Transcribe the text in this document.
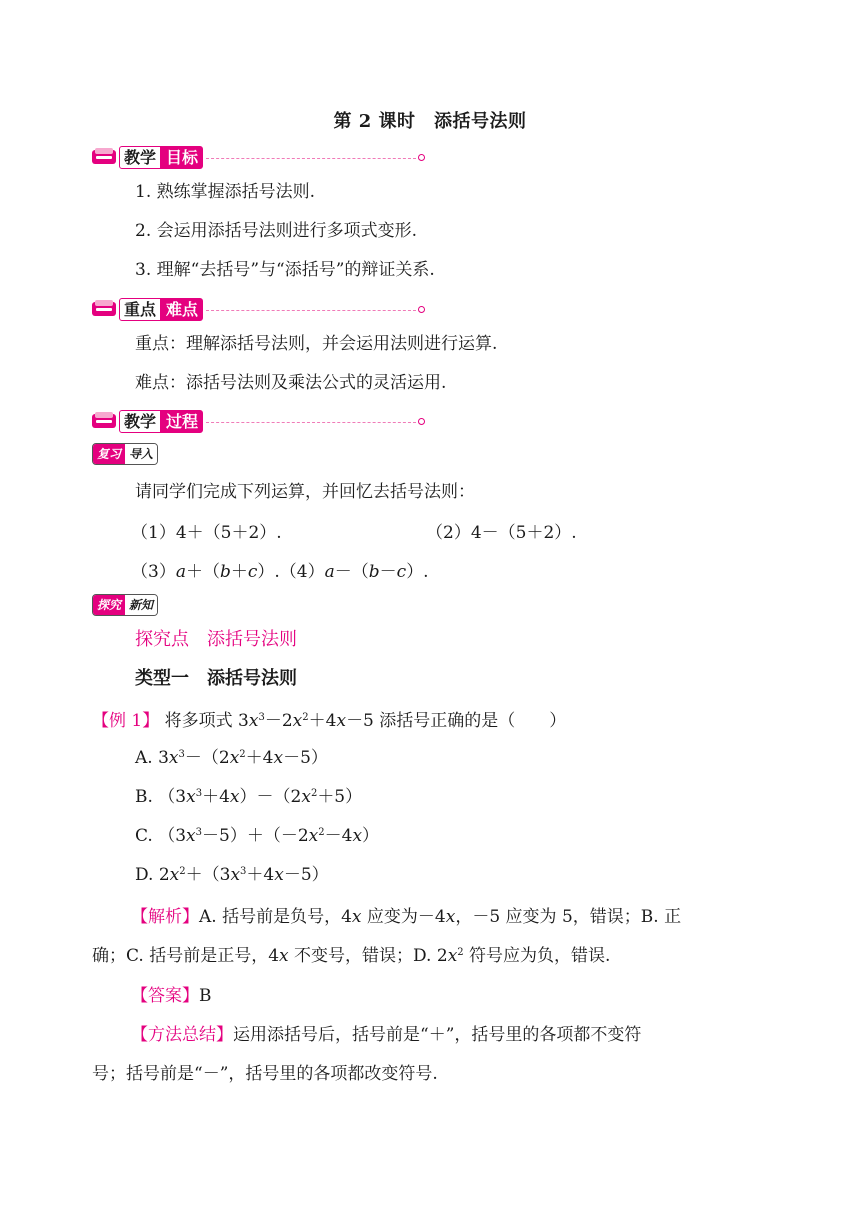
第 2 课时　添括号法则
教学 目标
1. 熟练掌握添括号法则.
2. 会运用添括号法则进行多项式变形.
3. 理解“去括号”与“添括号”的辩证关系.
重点 难点
重点：理解添括号法则，并会运用法则进行运算.
难点：添括号法则及乘法公式的灵活运用.
教学 过程
复习 导入
请同学们完成下列运算，并回忆去括号法则：
（1）4＋（5＋2）.	（2）4－（5＋2）.
（3）a＋（b＋c）.（4）a－（b－c）.
探究 新知
探究点　添括号法则
类型一　添括号法则
【例 1】 将多项式 $3x^3-2x^2+4x-5$ 添括号正确的是（　　）
A. $3x^3-(2x^2+4x-5)$
B. $(3x^3+4x)-(2x^2+5)$
C. $(3x^3-5)+(-2x^2-4x)$
D. $2x^2+(3x^3+4x-5)$
【解析】A. 括号前是负号，4x 应变为－4x，－5 应变为 5，错误；B. 正
确；C. 括号前是正号，4x 不变号，错误；D. $2x^2$ 符号应为负，错误.
【答案】B
【方法总结】运用添括号后，括号前是“＋”，括号里的各项都不变符
号；括号前是“－”，括号里的各项都改变符号.
